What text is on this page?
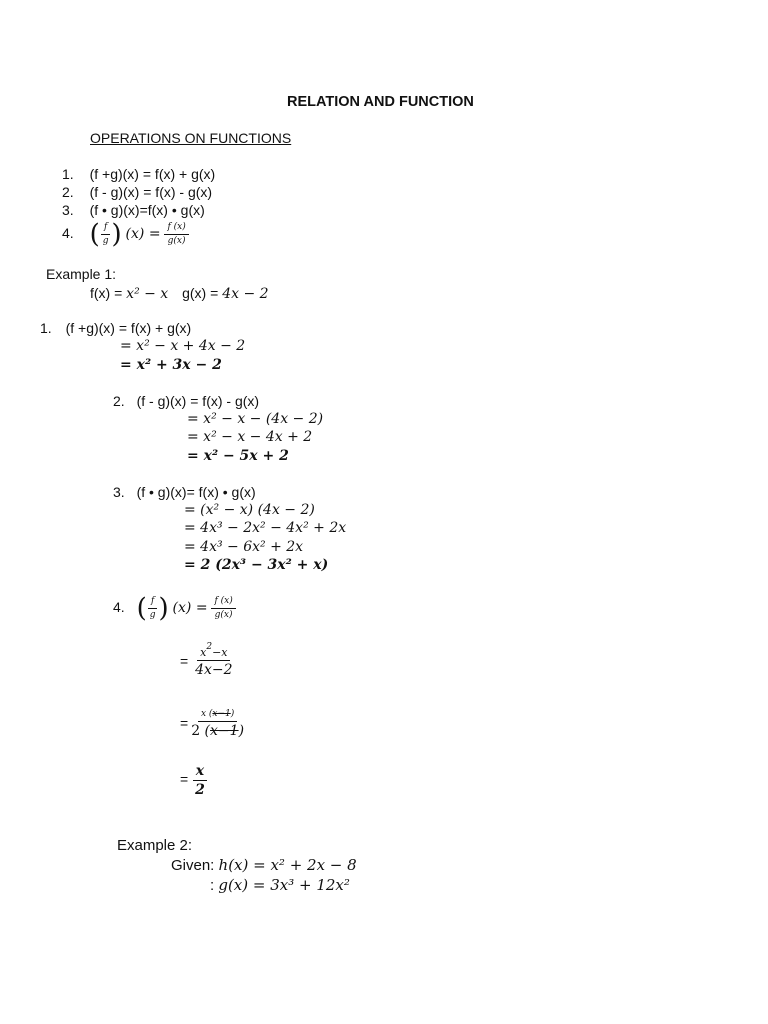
RELATION AND FUNCTION
OPERATIONS ON FUNCTIONS
1. (f +g)(x) = f(x) + g(x)
2. (f - g)(x) = f(x) - g(x)
3. (f • g)(x)=f(x) • g(x)
4. ( $\frac{f}{g}$ ) $(x) = \frac{f (x)}{g(x)}$
Example 1:
f(x) = x² − x g(x) = 4x − 2
1. (f +g)(x) = f(x) + g(x)
= x² − x + 4x − 2
= x² + 3x − 2
2. (f - g)(x) = f(x) - g(x)
= x² − x − (4x − 2)
= x² − x − 4x + 2
= x² − 5x + 2
3. (f • g)(x)= f(x) • g(x)
= (x² − x) (4x − 2)
= 4x³ − 2x² − 4x² + 2x
= 4x³ − 6x² + 2x
= 2 (2x³ − 3x² + x)
4. ( $\frac{f}{g}$ ) $(x) = \frac{f (x)}{g(x)}$
= $\frac{x^2-x}{4x-2}$
= $\frac{x (x-1)}{2 (x-1)}$
= $\frac{x}{2}$
Example 2:
Given: h(x) = x² + 2x − 8
: g(x) = 3x³ + 12x²
